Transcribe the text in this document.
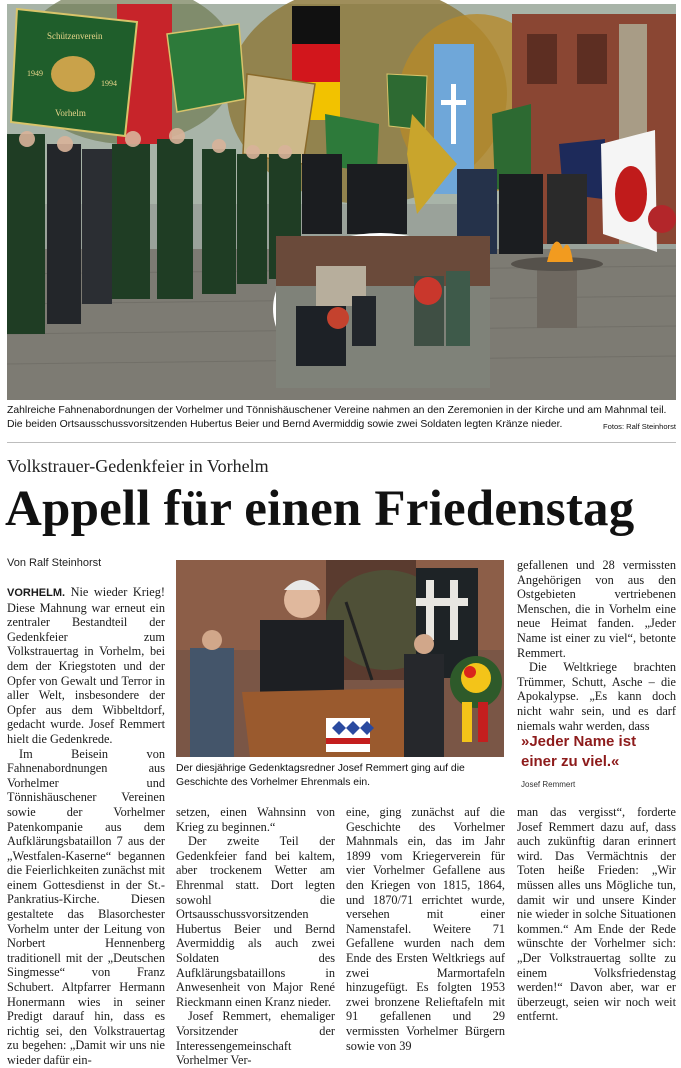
Schützenverein
Vorhelm
1949
1994
Zahlreiche Fahnenabordnungen der Vorhelmer und Tönnishäuschener Vereine nahmen an den Zeremonien in der Kirche und am Mahnmal teil. Die beiden Ortsausschussvorsitzenden Hubertus Beier und Bernd Avermiddig sowie zwei Soldaten legten Kränze nieder.	Fotos: Ralf Steinhorst
Volkstrauer-Gedenkfeier in Vorhelm
Appell für einen Friedenstag
Von Ralf Steinhorst

VORHELM. Nie wieder Krieg! Diese Mahnung war erneut ein zentraler Bestandteil der Gedenkfeier zum Volkstrauertag in Vorhelm, bei dem der Kriegstoten und der Opfer von Gewalt und Terror in aller Welt, insbesondere der Opfer aus dem Wibbeltdorf, gedacht wurde. Josef Remmert hielt die Gedenkrede.

Im Beisein von Fahnenabordnungen aus Vorhelmer und Tönnishäuschener Vereinen sowie der Vorhelmer Patenkompanie aus dem Aufklärungsbataillon 7 aus der „Westfalen-Kaserne“ begannen die Feierlichkeiten zunächst mit einem Gottesdienst in der St.-Pankratius-Kirche. Diesen gestaltete das Blasorchester Vorhelm unter der Leitung von Norbert Hennenberg traditionell mit der „Deutschen Singmesse“ von Franz Schubert. Altpfarrer Hermann Honermann wies in seiner Predigt darauf hin, dass es richtig sei, den Volkstrauertag zu begehen: „Damit wir uns nie wieder dafür ein-

Der diesjährige Gedenktagsredner Josef Remmert ging auf die Geschichte des Vorhelmer Ehrenmals ein.

setzen, einen Wahnsinn von Krieg zu beginnen.“

Der zweite Teil der Gedenkfeier fand bei kaltem, aber trockenem Wetter am Ehrenmal statt. Dort legten sowohl die Ortsausschussvorsitzenden Hubertus Beier und Bernd Avermiddig als auch zwei Soldaten des Aufklärungsbataillons in Anwesenheit von Major René Rieckmann einen Kranz nieder.

Josef Remmert, ehemaliger Vorsitzender der Interessengemeinschaft Vorhelmer Ver-

eine, ging zunächst auf die Geschichte des Vorhelmer Mahnmals ein, das im Jahr 1899 vom Kriegerverein für vier Vorhelmer Gefallene aus den Kriegen von 1815, 1864, und 1870/71 errichtet wurde, versehen mit einer Namenstafel. Weitere 71 Gefallene wurden nach dem Ende des Ersten Weltkriegs auf zwei Marmortafeln hinzugefügt. Es folgten 1953 zwei bronzene Relieftafeln mit 91 gefallenen und 29 vermissten Vorhelmer Bürgern sowie von 39

gefallenen und 28 vermissten Angehörigen von aus den Ostgebieten vertriebenen Menschen, die in Vorhelm eine neue Heimat fanden. „Jeder Name ist einer zu viel“, betonte Remmert.

Die Weltkriege brachten Trümmer, Schutt, Asche – die Apokalypse. „Es kann doch nicht wahr sein, und es darf niemals wahr werden, dass

»Jeder Name ist einer zu viel.«
Josef Remmert

man das vergisst“, forderte Josef Remmert dazu auf, dass auch zukünftig daran erinnert wird. Das Vermächtnis der Toten heiße Frieden: „Wir müssen alles uns Mögliche tun, damit wir und unsere Kinder nie wieder in solche Situationen kommen.“ Am Ende der Rede wünschte der Vorhelmer sich: „Der Volkstrauertag sollte zu einem Volksfriedenstag werden!“ Davon aber, war er überzeugt, seien wir noch weit entfernt.
